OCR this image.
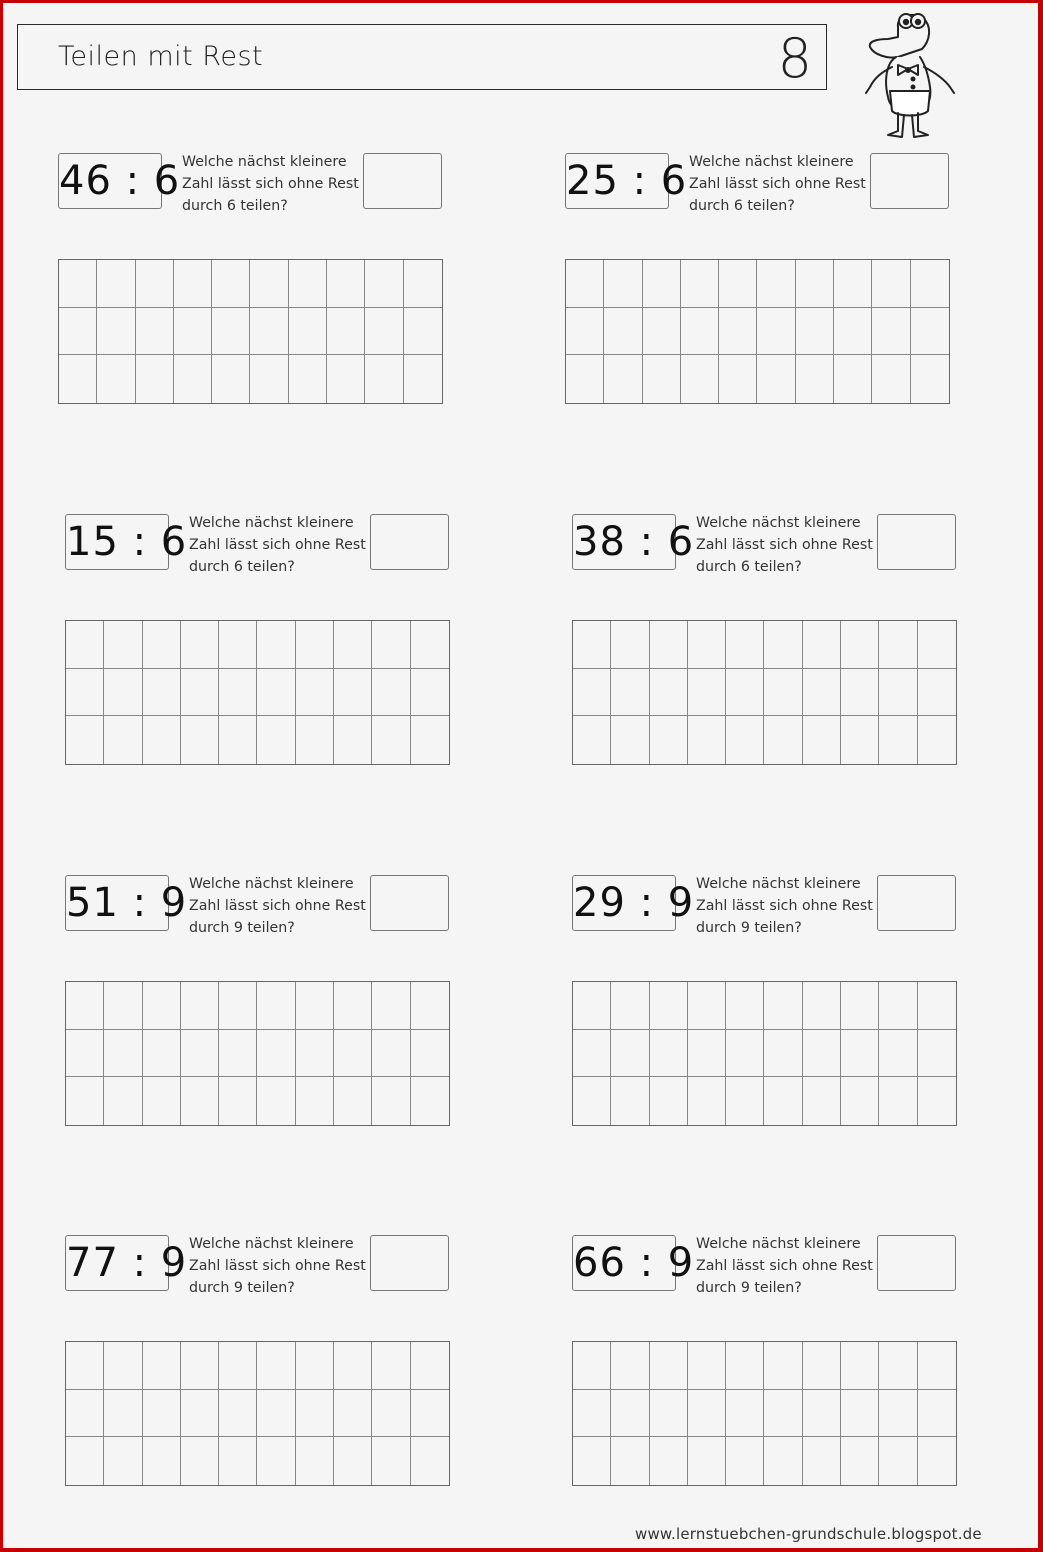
Teilen mit Rest	8
46 : 6 Welche nächst kleinere
Zahl lässt sich ohne Rest
durch 6 teilen?
25 : 6 Welche nächst kleinere
Zahl lässt sich ohne Rest
durch 6 teilen?
15 : 6 Welche nächst kleinere
Zahl lässt sich ohne Rest
durch 6 teilen?
38 : 6 Welche nächst kleinere
Zahl lässt sich ohne Rest
durch 6 teilen?
51 : 9 Welche nächst kleinere
Zahl lässt sich ohne Rest
durch 9 teilen?
29 : 9 Welche nächst kleinere
Zahl lässt sich ohne Rest
durch 9 teilen?
77 : 9 Welche nächst kleinere
Zahl lässt sich ohne Rest
durch 9 teilen?
66 : 9 Welche nächst kleinere
Zahl lässt sich ohne Rest
durch 9 teilen?
www.lernstuebchen-grundschule.blogspot.de
